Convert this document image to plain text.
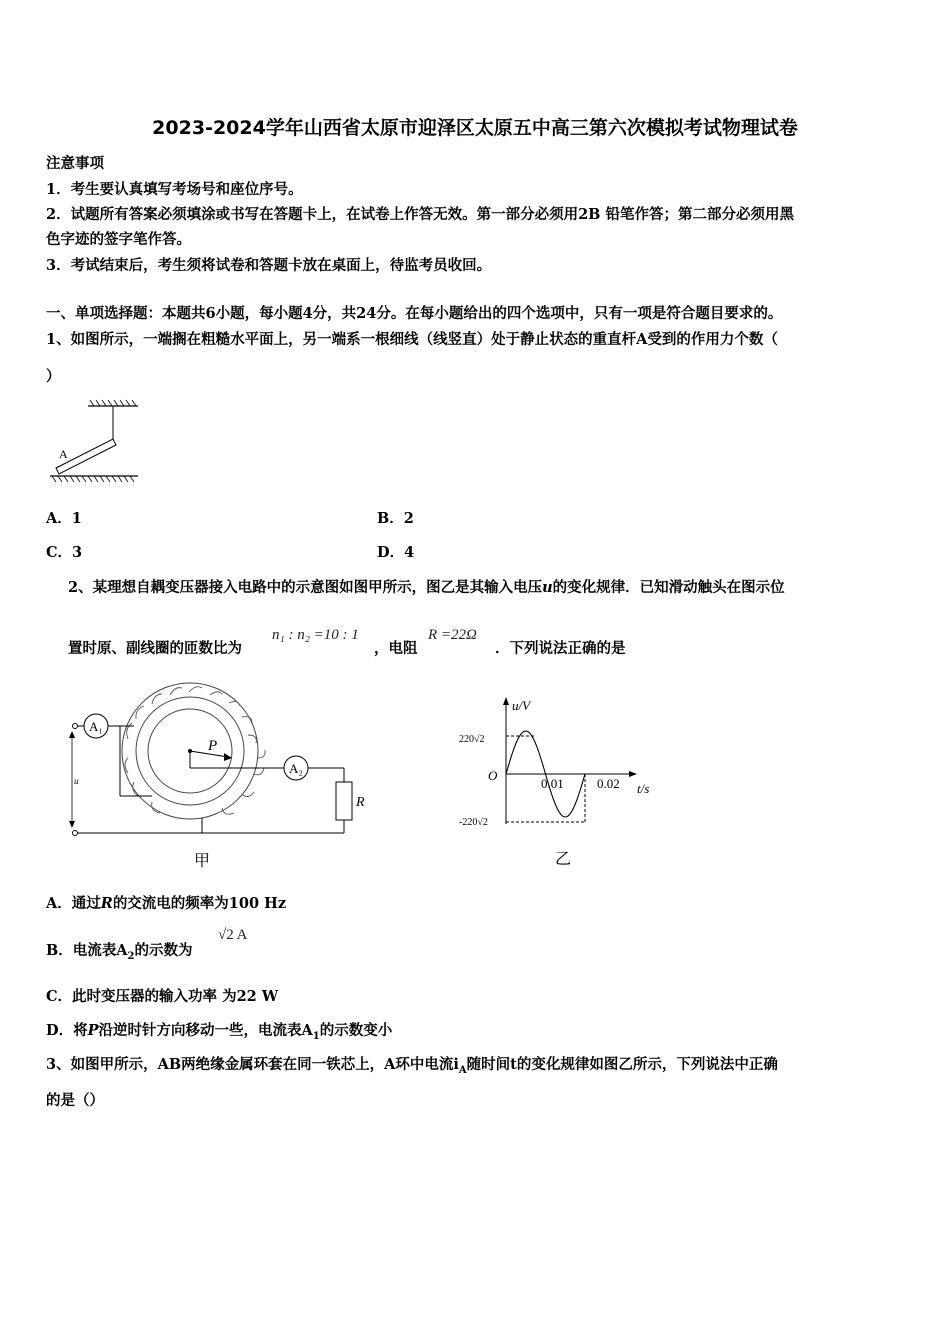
2023-2024学年山西省太原市迎泽区太原五中高三第六次模拟考试物理试卷
注意事项
1．考生要认真填写考场号和座位序号。
2．试题所有答案必须填涂或书写在答题卡上，在试卷上作答无效。第一部分必须用2B 铅笔作答；第二部分必须用黑
色字迹的签字笔作答。
3．考试结束后，考生须将试卷和答题卡放在桌面上，待监考员收回。
一、单项选择题：本题共6小题，每小题4分，共24分。在每小题给出的四个选项中，只有一项是符合题目要求的。
1、如图所示，一端搁在粗糙水平面上，另一端系一根细线（线竖直）处于静止状态的重直杆A受到的作用力个数（
）
A
A．1	B．2
C．3	D．4
2、某理想自耦变压器接入电路中的示意图如图甲所示，图乙是其输入电压u的变化规律．已知滑动触头在图示位
置时原、副线圈的匝数比为
n₁ : n₂ =10 : 1
，电阻
R =22Ω
．下列说法正确的是
A₁
u
P
A₂
R
甲
u/V
t/s
O
220√2
-220√2
0.01	0.02
乙
A．通过R的交流电的频率为100 Hz
B．电流表$A_2$的示数为
√2 A
C．此时变压器的输入功率 为22 W
D．将P沿逆时针方向移动一些，电流表$A_1$的示数变小
3、如图甲所示，AB两绝缘金属环套在同一铁芯上，A环中电流$i_A$随时间t的变化规律如图乙所示，下列说法中正确
的是（）
